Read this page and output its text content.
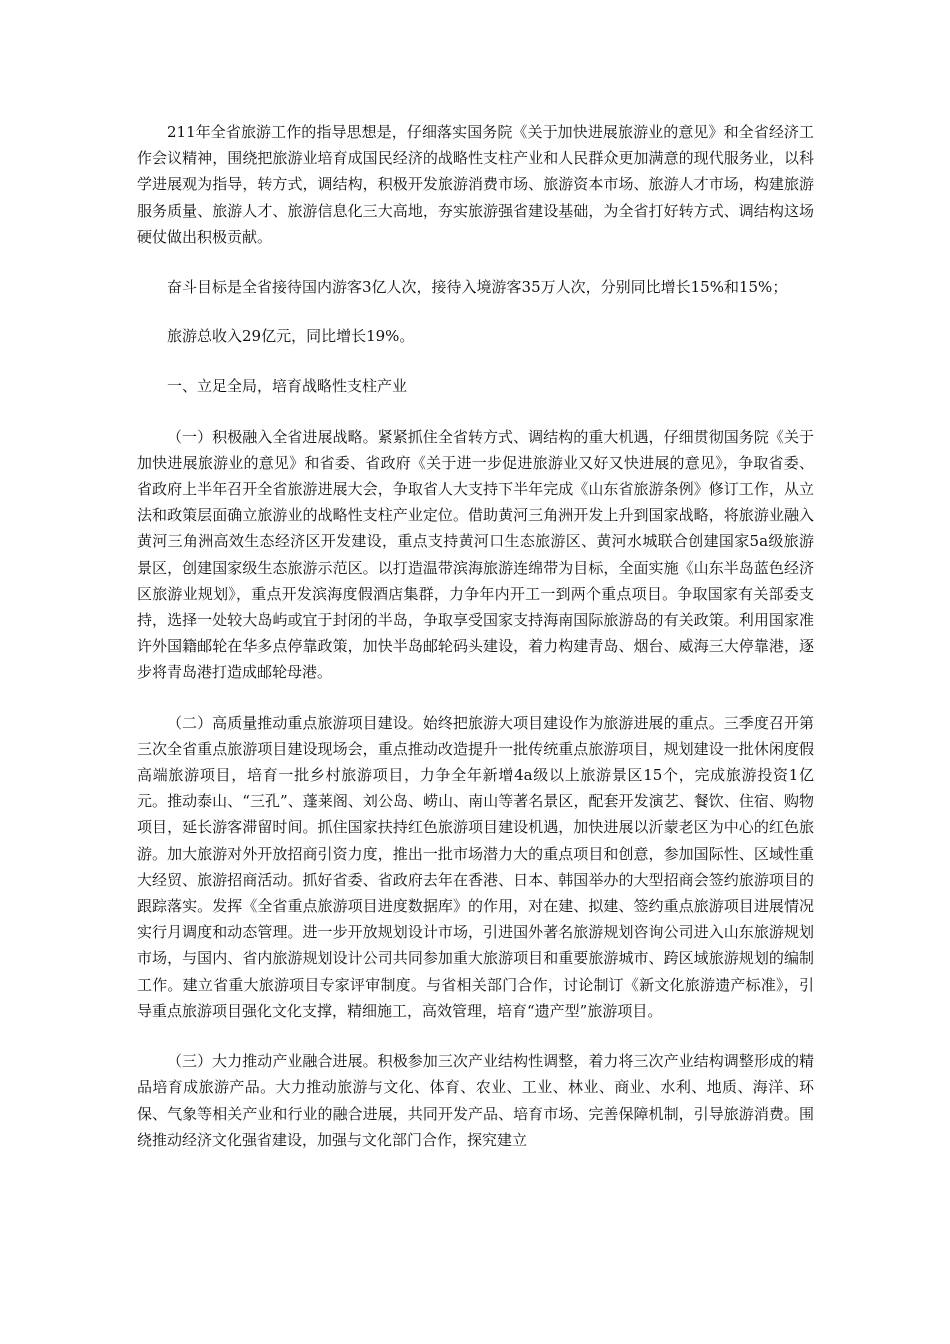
211年全省旅游工作的指导思想是，仔细落实国务院《关于加快进展旅游业的意见》和全省经济工作会议精神，围绕把旅游业培育成国民经济的战略性支柱产业和人民群众更加满意的现代服务业，以科学进展观为指导，转方式，调结构，积极开发旅游消费市场、旅游资本市场、旅游人才市场，构建旅游服务质量、旅游人才、旅游信息化三大高地，夯实旅游强省建设基础，为全省打好转方式、调结构这场硬仗做出积极贡献。

奋斗目标是全省接待国内游客3亿人次，接待入境游客35万人次，分别同比增长15%和15%；

旅游总收入29亿元，同比增长19%。

一、立足全局，培育战略性支柱产业

（一）积极融入全省进展战略。紧紧抓住全省转方式、调结构的重大机遇，仔细贯彻国务院《关于加快进展旅游业的意见》和省委、省政府《关于进一步促进旅游业又好又快进展的意见》，争取省委、省政府上半年召开全省旅游进展大会，争取省人大支持下半年完成《山东省旅游条例》修订工作，从立法和政策层面确立旅游业的战略性支柱产业定位。借助黄河三角洲开发上升到国家战略，将旅游业融入黄河三角洲高效生态经济区开发建设，重点支持黄河口生态旅游区、黄河水城联合创建国家5a级旅游景区，创建国家级生态旅游示范区。以打造温带滨海旅游连绵带为目标，全面实施《山东半岛蓝色经济区旅游业规划》，重点开发滨海度假酒店集群，力争年内开工一到两个重点项目。争取国家有关部委支持，选择一处较大岛屿或宜于封闭的半岛，争取享受国家支持海南国际旅游岛的有关政策。利用国家准许外国籍邮轮在华多点停靠政策，加快半岛邮轮码头建设，着力构建青岛、烟台、威海三大停靠港，逐步将青岛港打造成邮轮母港。

（二）高质量推动重点旅游项目建设。始终把旅游大项目建设作为旅游进展的重点。三季度召开第三次全省重点旅游项目建设现场会，重点推动改造提升一批传统重点旅游项目，规划建设一批休闲度假高端旅游项目，培育一批乡村旅游项目，力争全年新增4a级以上旅游景区15个，完成旅游投资1亿元。推动泰山、“三孔”、蓬莱阁、刘公岛、崂山、南山等著名景区，配套开发演艺、餐饮、住宿、购物项目，延长游客滞留时间。抓住国家扶持红色旅游项目建设机遇，加快进展以沂蒙老区为中心的红色旅游。加大旅游对外开放招商引资力度，推出一批市场潜力大的重点项目和创意，参加国际性、区域性重大经贸、旅游招商活动。抓好省委、省政府去年在香港、日本、韩国举办的大型招商会签约旅游项目的跟踪落实。发挥《全省重点旅游项目进度数据库》的作用，对在建、拟建、签约重点旅游项目进展情况实行月调度和动态管理。进一步开放规划设计市场，引进国外著名旅游规划咨询公司进入山东旅游规划市场，与国内、省内旅游规划设计公司共同参加重大旅游项目和重要旅游城市、跨区域旅游规划的编制工作。建立省重大旅游项目专家评审制度。与省相关部门合作，讨论制订《新文化旅游遗产标准》，引导重点旅游项目强化文化支撑，精细施工，高效管理，培育“遗产型”旅游项目。

（三）大力推动产业融合进展。积极参加三次产业结构性调整，着力将三次产业结构调整形成的精品培育成旅游产品。大力推动旅游与文化、体育、农业、工业、林业、商业、水利、地质、海洋、环保、气象等相关产业和行业的融合进展，共同开发产品、培育市场、完善保障机制，引导旅游消费。围绕推动经济文化强省建设，加强与文化部门合作，探究建立
